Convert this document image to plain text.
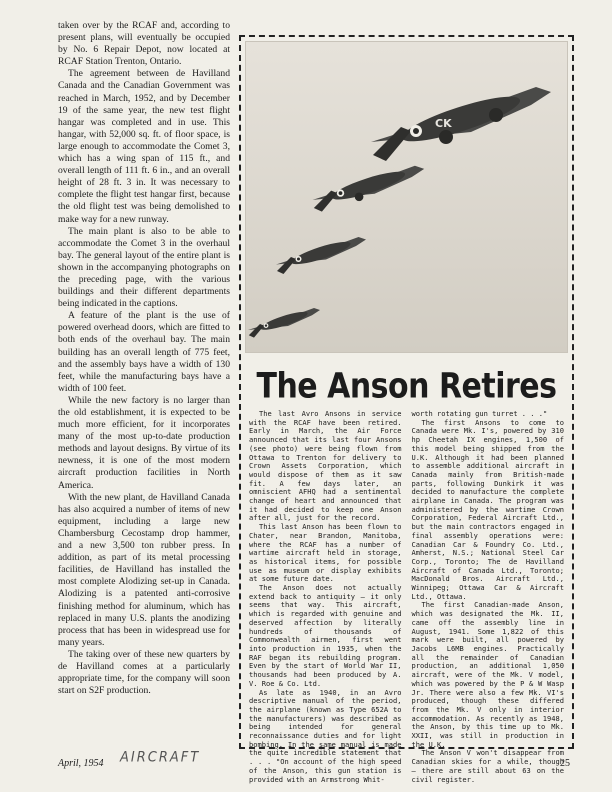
taken over by the RCAF and, according to present plans, will eventually be occupied by No. 6 Repair Depot, now located at RCAF Station Trenton, Ontario.

The agreement between de Havilland Canada and the Canadian Government was reached in March, 1952, and by December 19 of the same year, the new test flight hangar was completed and in use. This hangar, with 52,000 sq. ft. of floor space, is large enough to accommodate the Comet 3, which has a wing span of 115 ft., and overall length of 111 ft. 6 in., and an overall height of 28 ft. 3 in. It was necessary to complete the flight test hangar first, because the old flight test was being demolished to make way for a new runway.

The main plant is also to be able to accommodate the Comet 3 in the overhaul bay. The general layout of the entire plant is shown in the accompanying photographs on the preceding page, with the various buildings and their different departments being indicated in the captions.

A feature of the plant is the use of powered overhead doors, which are fitted to both ends of the overhaul bay. The main building has an overall length of 775 feet, and the assembly bays have a width of 130 feet, while the manufacturing bays have a width of 100 feet.

While the new factory is no larger than the old establishment, it is expected to be much more efficient, for it incorporates many of the most up-to-date production methods and layout designs. By virtue of its newness, it is one of the most modern aircraft production facilities in North America.

With the new plant, de Havilland Canada has also acquired a number of items of new equipment, including a large new Chambersburg Cecostamp drop hammer, and a new 3,500 ton rubber press. In addition, as part of its metal processing facilities, de Havilland has installed the most complete Alodizing set-up in Canada. Alodizing is a patented anti-corrosive finishing method for aluminum, which has replaced in many U.S. plants the anodizing process that has been in widespread use for many years.

The taking over of these new quarters by de Havilland comes at a particularly appropriate time, for the company will soon start on S2F production.

CK
The Anson Retires

The last Avro Ansons in service with the RCAF have been retired. Early in March, the Air Force announced that its last four Ansons (see photo) were being flown from Ottawa to Trenton for delivery to Crown Assets Corporation, which would dispose of them as it saw fit. A few days later, an omniscient AFHQ had a sentimental change of heart and announced that it had decided to keep one Anson after all, just for the record.

This last Anson has been flown to Chater, near Brandon, Manitoba, where the RCAF has a number of wartime aircraft held in storage, as historical items, for possible use as museum or display exhibits at some future date.

The Anson does not actually extend back to antiquity — it only seems that way. This aircraft, which is regarded with genuine and deserved affection by literally hundreds of thousands of Commonwealth airmen, first went into production in 1935, when the RAF began its rebuilding program. Even by the start of World War II, thousands had been produced by A. V. Roe & Co. Ltd.

As late as 1940, in an Avro descriptive manual of the period, the airplane (known as Type 652A to the manufacturers) was described as being intended for general reconnaissance duties and for light bombing. In the same manual is made the quite incredible statement that . . . "On account of the high speed of the Anson, this gun station is provided with an Armstrong Whit-

worth rotating gun turret . . ."

The first Ansons to come to Canada were Mk. I's, powered by 310 hp Cheetah IX engines, 1,500 of this model being shipped from the U.K. Although it had been planned to assemble additional aircraft in Canada mainly from British-made parts, following Dunkirk it was decided to manufacture the complete airplane in Canada. The program was administered by the wartime Crown Corporation, Federal Aircraft Ltd., but the main contractors engaged in final assembly operations were: Canadian Car & Foundry Co. Ltd., Amherst, N.S.; National Steel Car Corp., Toronto; The de Havilland Aircraft of Canada Ltd., Toronto; MacDonald Bros. Aircraft Ltd., Winnipeg; Ottawa Car & Aircraft Ltd., Ottawa.

The first Canadian-made Anson, which was designated the Mk. II, came off the assembly line in August, 1941. Some 1,822 of this mark were built, all powered by Jacobs L6MB engines. Practically all the remainder of Canadian production, an additional 1,050 aircraft, were of the Mk. V model, which was powered by the P & W Wasp Jr. There were also a few Mk. VI's produced, though these differed from the Mk. V only in interior accommodation. As recently as 1948, the Anson, by this time up to Mk. XXII, was still in production in the U.K.

The Anson V won't disappear from Canadian skies for a while, though — there are still about 63 on the civil register.

April, 1954 AIRCRAFT	25
